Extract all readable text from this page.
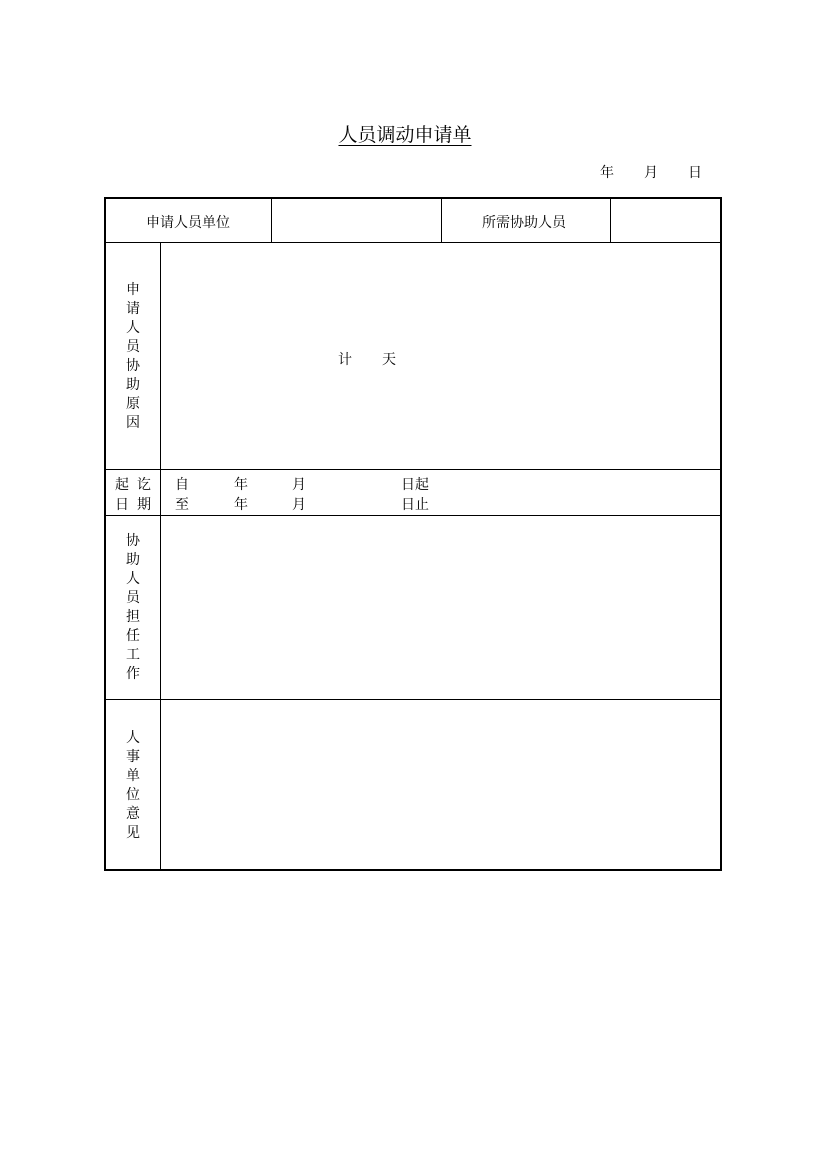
人员调动申请单
年 月 日
申请人员单位	所需协助人员
申
请
人
员
协
助
原
因
计 天
起 讫
日 期
自	年	月	日起
至	年	月	日止
协
助
人
员
担
任
工
作
人
事
单
位
意
见
